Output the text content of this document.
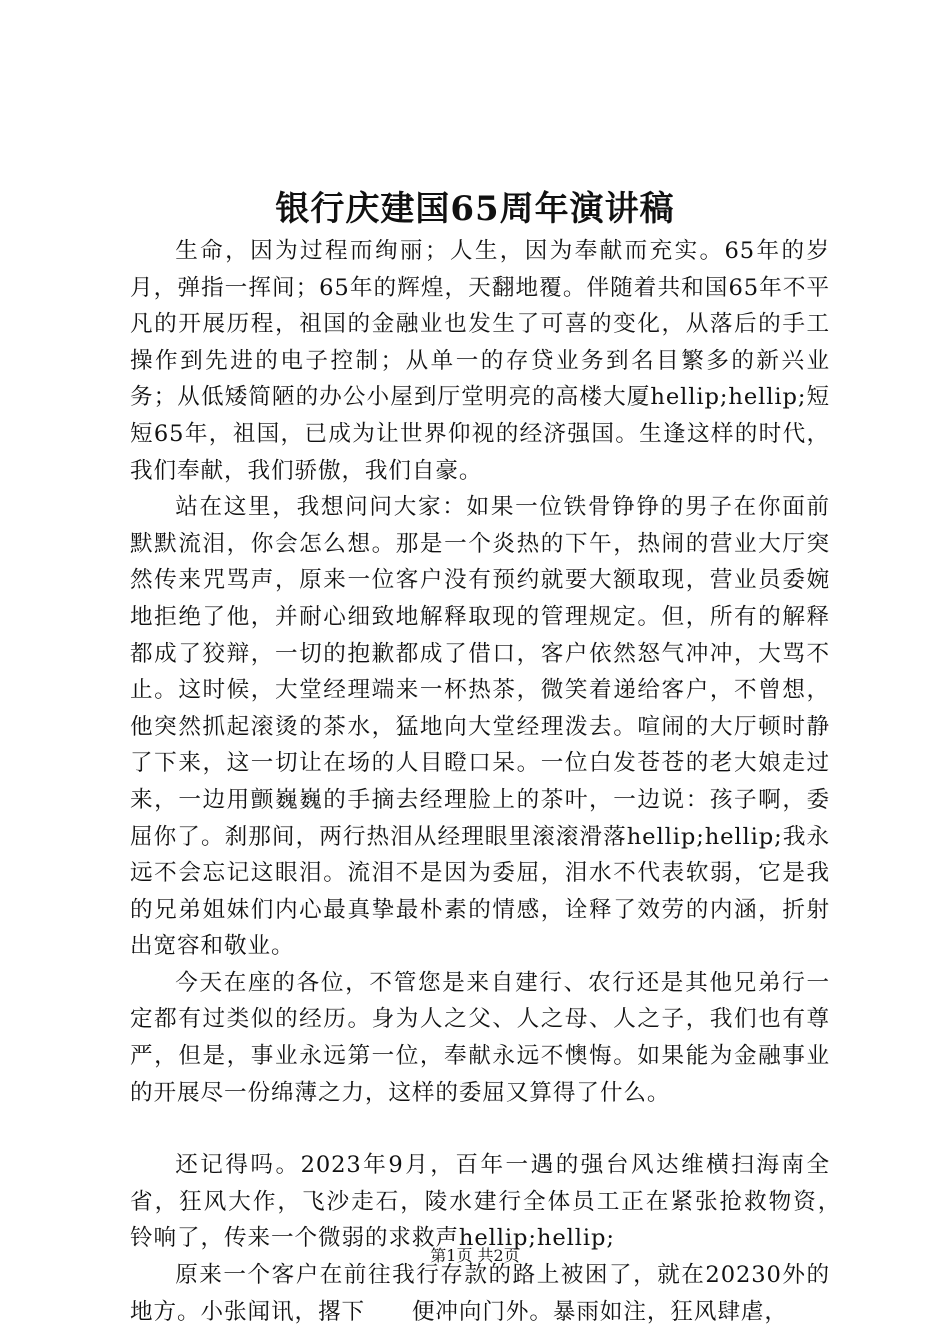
银行庆建国65周年演讲稿

生命，因为过程而绚丽；人生，因为奉献而充实。65年的岁月，弹指一挥间；65年的辉煌，天翻地覆。伴随着共和国65年不平凡的开展历程，祖国的金融业也发生了可喜的变化，从落后的手工操作到先进的电子控制；从单一的存贷业务到名目繁多的新兴业务；从低矮简陋的办公小屋到厅堂明亮的高楼大厦hellip;hellip;短短65年，祖国，已成为让世界仰视的经济强国。生逢这样的时代，我们奉献，我们骄傲，我们自豪。

站在这里，我想问问大家：如果一位铁骨铮铮的男子在你面前默默流泪，你会怎么想。那是一个炎热的下午，热闹的营业大厅突然传来咒骂声，原来一位客户没有预约就要大额取现，营业员委婉地拒绝了他，并耐心细致地解释取现的管理规定。但，所有的解释都成了狡辩，一切的抱歉都成了借口，客户依然怒气冲冲，大骂不止。这时候，大堂经理端来一杯热茶，微笑着递给客户，不曾想，他突然抓起滚烫的茶水，猛地向大堂经理泼去。喧闹的大厅顿时静了下来，这一切让在场的人目瞪口呆。一位白发苍苍的老大娘走过来，一边用颤巍巍的手摘去经理脸上的茶叶，一边说：孩子啊，委屈你了。刹那间，两行热泪从经理眼里滚滚滑落hellip;hellip;我永远不会忘记这眼泪。流泪不是因为委屈，泪水不代表软弱，它是我的兄弟姐妹们内心最真挚最朴素的情感，诠释了效劳的内涵，折射出宽容和敬业。

今天在座的各位，不管您是来自建行、农行还是其他兄弟行一定都有过类似的经历。身为人之父、人之母、人之子，我们也有尊严，但是，事业永远第一位，奉献永远不懊悔。如果能为金融事业的开展尽一份绵薄之力，这样的委屈又算得了什么。

还记得吗。2023年9月，百年一遇的强台风达维横扫海南全省，狂风大作，飞沙走石，陵水建行全体员工正在紧张抢救物资，　　铃响了，传来一个微弱的求救声hellip;hellip;

原来一个客户在前往我行存款的路上被困了，就在20230外的地方。小张闻讯，撂下　　便冲向门外。暴雨如注，狂风肆虐，

第1页 共2页
